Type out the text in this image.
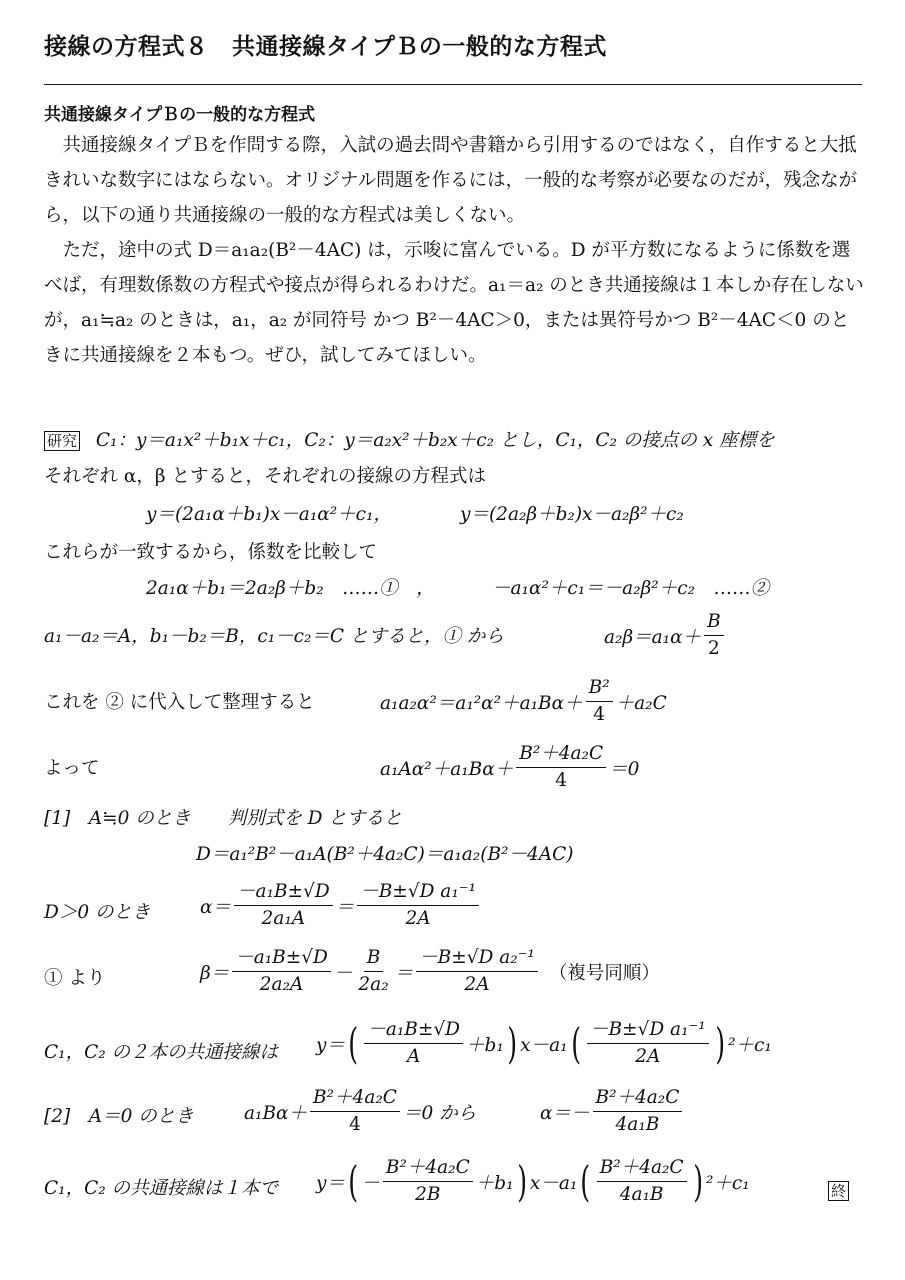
接線の方程式８　共通接線タイプＢの一般的な方程式
共通接線タイプＢの一般的な方程式

共通接線タイプＢを作問する際，入試の過去問や書籍から引用するのではなく，自作すると大抵きれいな数字にはならない。オリジナル問題を作るには，一般的な考察が必要なのだが，残念ながら，以下の通り共通接線の一般的な方程式は美しくない。

ただ，途中の式 D＝a₁a₂(B²－4AC) は，示唆に富んでいる。D が平方数になるように係数を選べば，有理数係数の方程式や接点が得られるわけだ。a₁＝a₂ のとき共通接線は１本しか存在しないが，a₁≒a₂ のときは，a₁，a₂ が同符号 かつ B²－4AC＞0，または異符号かつ B²－4AC＜0 のときに共通接線を２本もつ。ぜひ，試してみてほしい。

研究 C₁：y＝a₁x²＋b₁x＋c₁，C₂：y＝a₂x²＋b₂x＋c₂ とし，C₁，C₂ の接点の x 座標を
それぞれ α，β とすると，それぞれの接線の方程式は
y＝(2a₁α＋b₁)x－a₁α²＋c₁，	y＝(2a₂β＋b₂)x－a₂β²＋c₂
これらが一致するから，係数を比較して
2a₁α＋b₁＝2a₂β＋b₂　……①　，	－a₁α²＋c₁＝－a₂β²＋c₂　……②
a₁－a₂＝A，b₁－b₂＝B，c₁－c₂＝C とすると，① から	$a_2\beta=a_1\alpha+ \frac{B}{2}$
これを ② に代入して整理すると	$a_1a_2\alpha^2=a_1^2\alpha^2+a_1B\alpha+ \frac{\text{B²}}{4} +a_2C$
よって	$a_1A\alpha^2+a_1B\alpha+ \frac{\text{B²＋4a₂C}}{4} =0$
[1]　A≒0 のとき　　判別式を D とすると
D＝a₁²B²－a₁A(B²＋4a₂C)＝a₁a₂(B²－4AC)
D＞0 のとき	$\alpha= \frac{\text{－a₁B±√D}}{\text{2a₁A}} = \frac{\text{－B±√D a₁⁻¹}}{2A}$
① より	$\beta= \frac{\text{－a₁B±√D}}{\text{2a₂A}} - \frac{B}{\text{2a₂}} = \frac{\text{－B±√D a₂⁻¹}}{2A}$ （複号同順）
C₁，C₂ の２本の共通接線は y＝ ( $\frac{\text{－a₁B±√D}}{A} +b_1$ ) x－a₁ ( $\frac{\text{－B±√D a₁⁻¹}}{2A}$ ) ²＋c₁
[2]　A＝0 のとき	$a_1B\alpha+ \frac{\text{B²＋4a₂C}}{4} =0$ から	$\alpha=- \frac{\text{B²＋4a₂C}}{\text{4a₁B}}$
C₁，C₂ の共通接線は１本で y＝ ( － $\frac{\text{B²＋4a₂C}}{2B} +b_1$ ) x－a₁ ( $\frac{\text{B²＋4a₂C}}{\text{4a₁B}}$ ) ²＋c₁	終
